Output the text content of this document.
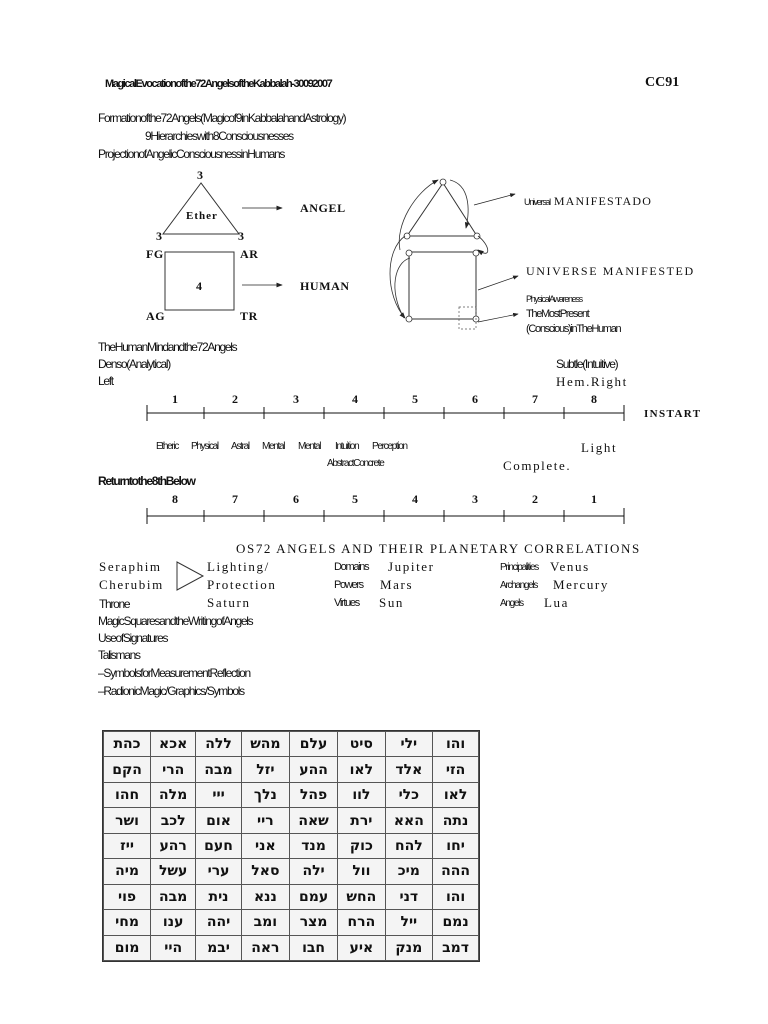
MagicalEvocationofthe72AngelsoftheKabbalah-30092007	CC91
Formationofthe72Angels(Magicof9inKabbalahandAstrology)
9Hierarchieswith8Consciousnesses
ProjectionofAngelicConsciousnessinHumans
3
Ether
3	3
ANGEL
FG	AR
4	HUMAN
AG	TR
Universal MANIFESTADO
UNIVERSE MANIFESTED
PhysicalAwareness
TheMostPresent
(Conscious)inTheHuman
TheHumanMindandthe72Angels
Denso(Analytical)
Left
Subtle(Intuitive)
Hem.Right
1	2	3	4	5	6	7	8
INSTART
Etheric Physical Astral Mental Mental Intuition Perception	Light
AbstractConcrete	Complete.
Returntothe8thBelow
8	7	6	5	4	3	2	1
OS72 ANGELS AND THEIR PLANETARY CORRELATIONS
Seraphim	Lighting/	Domains Jupiter	Principalities Venus
Cherubim	Protection	Powers Mars	Archangels Mercury
Throne	Saturn	Virtues Sun	Angels Lua
MagicSquaresandtheWritingofAngels
UseofSignatures
Talismans
–SymbolsforMeasurementReflection
–RadionicMagic/Graphics/Symbols
כהת	אכא	ללה	מהש	עלם	סיט	ילי	והו
הקם	הרי	מבה	יזל	ההע	לאו	אלד	הזי
חהו	מלה	ייי	נלך	פהל	לוו	כלי	לאו
ושר	לכב	אום	ריי	שאה	ירת	האא	נתה
ייז	רהע	חעם	אני	מנד	כוק	להח	יחו
מיה	עשל	ערי	סאל	ילה	וול	מיכ	ההה
פוי	מבה	נית	ננא	עמם	החש	דני	והו
מחי	ענו	יהה	ומב	מצר	הרח	ייל	נמם
מום	היי	יבמ	ראה	חבו	איע	מנק	דמב
